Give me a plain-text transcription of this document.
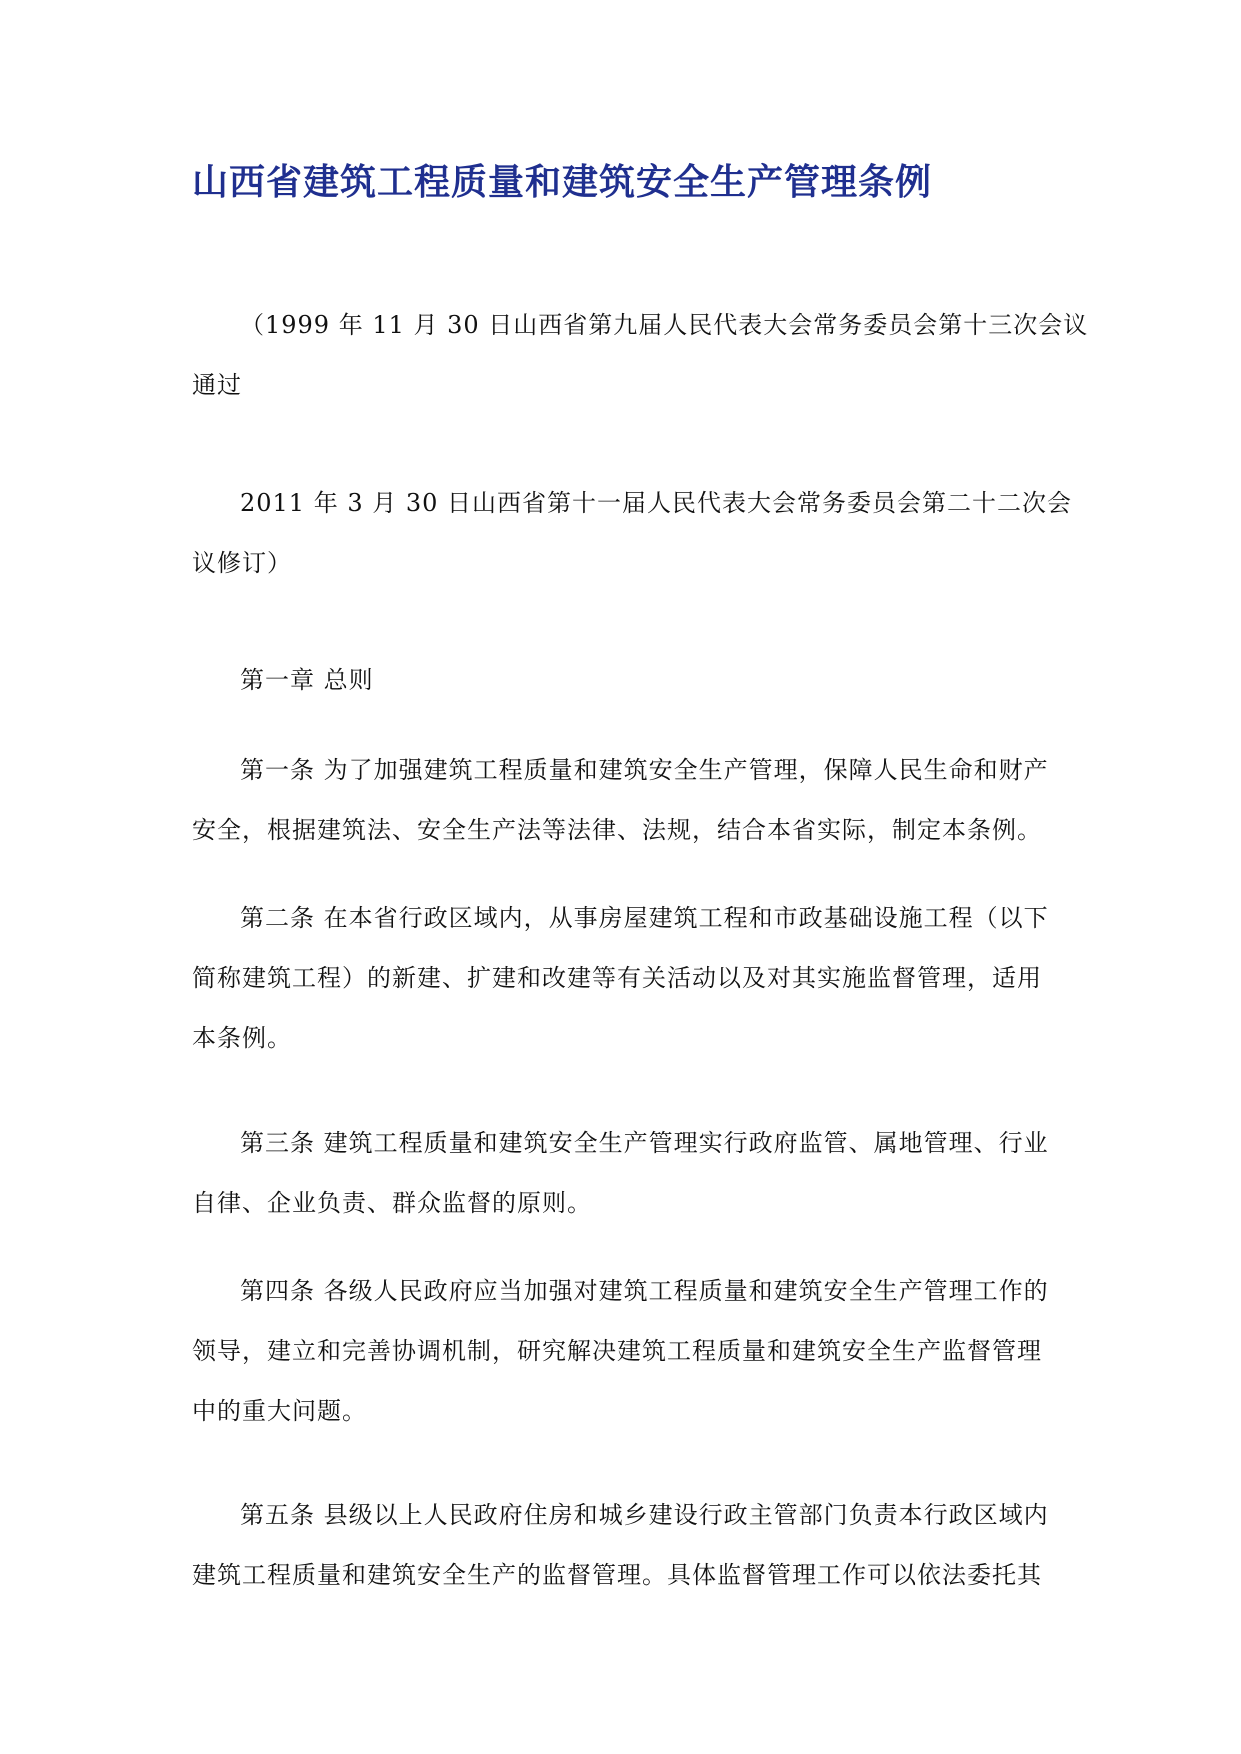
山西省建筑工程质量和建筑安全生产管理条例

（1999 年 11 月 30 日山西省第九届人民代表大会常务委员会第十三次会议
通过

2011 年 3 月 30 日山西省第十一届人民代表大会常务委员会第二十二次会
议修订）

第一章 总则

第一条 为了加强建筑工程质量和建筑安全生产管理，保障人民生命和财产
安全，根据建筑法、安全生产法等法律、法规，结合本省实际，制定本条例。

第二条 在本省行政区域内，从事房屋建筑工程和市政基础设施工程（以下
简称建筑工程）的新建、扩建和改建等有关活动以及对其实施监督管理，适用
本条例。

第三条 建筑工程质量和建筑安全生产管理实行政府监管、属地管理、行业
自律、企业负责、群众监督的原则。

第四条 各级人民政府应当加强对建筑工程质量和建筑安全生产管理工作的
领导，建立和完善协调机制，研究解决建筑工程质量和建筑安全生产监督管理
中的重大问题。

第五条 县级以上人民政府住房和城乡建设行政主管部门负责本行政区域内
建筑工程质量和建筑安全生产的监督管理。具体监督管理工作可以依法委托其
